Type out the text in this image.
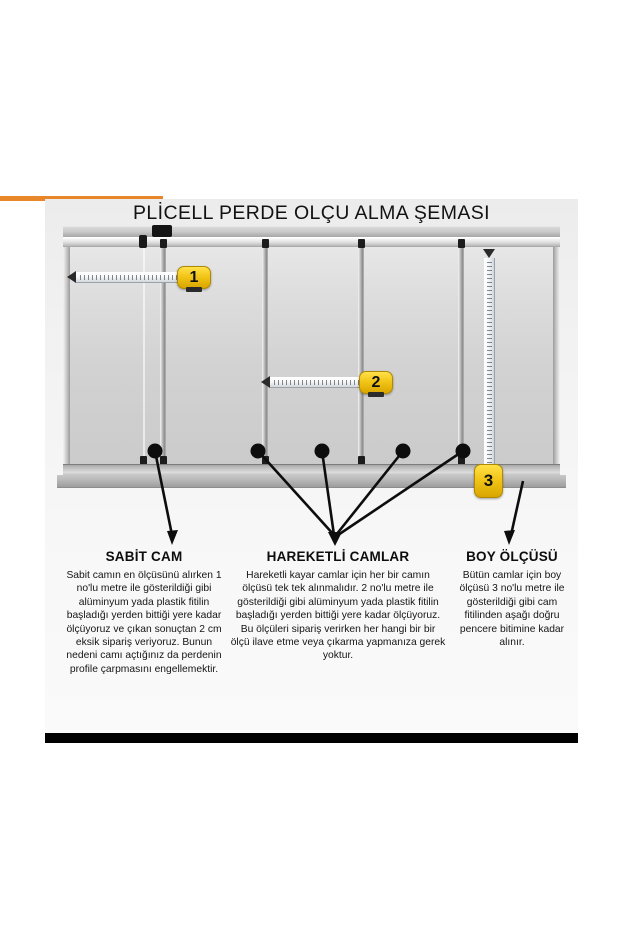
PLİCELL PERDE OLÇU ALMA ŞEMASI
1
2
3
SABİT CAM

Sabit camın en ölçüsünü alırken 1 no'lu metre ile gösterildiği gibi alüminyum yada plastik fitilin başladığı yerden bittiği yere kadar ölçüyoruz ve çıkan sonuçtan 2 cm eksik sipariş veriyoruz. Bunun nedeni camı açtığınız da perdenin profile çarpmasını engellemektir.

HAREKETLİ CAMLAR

Hareketli kayar camlar için her bir camın ölçüsü tek tek alınmalıdır. 2 no'lu metre ile gösterildiği gibi alüminyum yada plastik fitilin başladığı yerden bittiği yere kadar ölçüyoruz. Bu ölçüleri sipariş verirken her hangi bir bir ölçü ilave etme veya çıkarma yapmanıza gerek yoktur.

BOY ÖLÇÜSÜ

Bütün camlar için boy ölçüsü 3 no'lu metre ile gösterildiği gibi cam fitilinden aşağı doğru pencere bitimine kadar alınır.
